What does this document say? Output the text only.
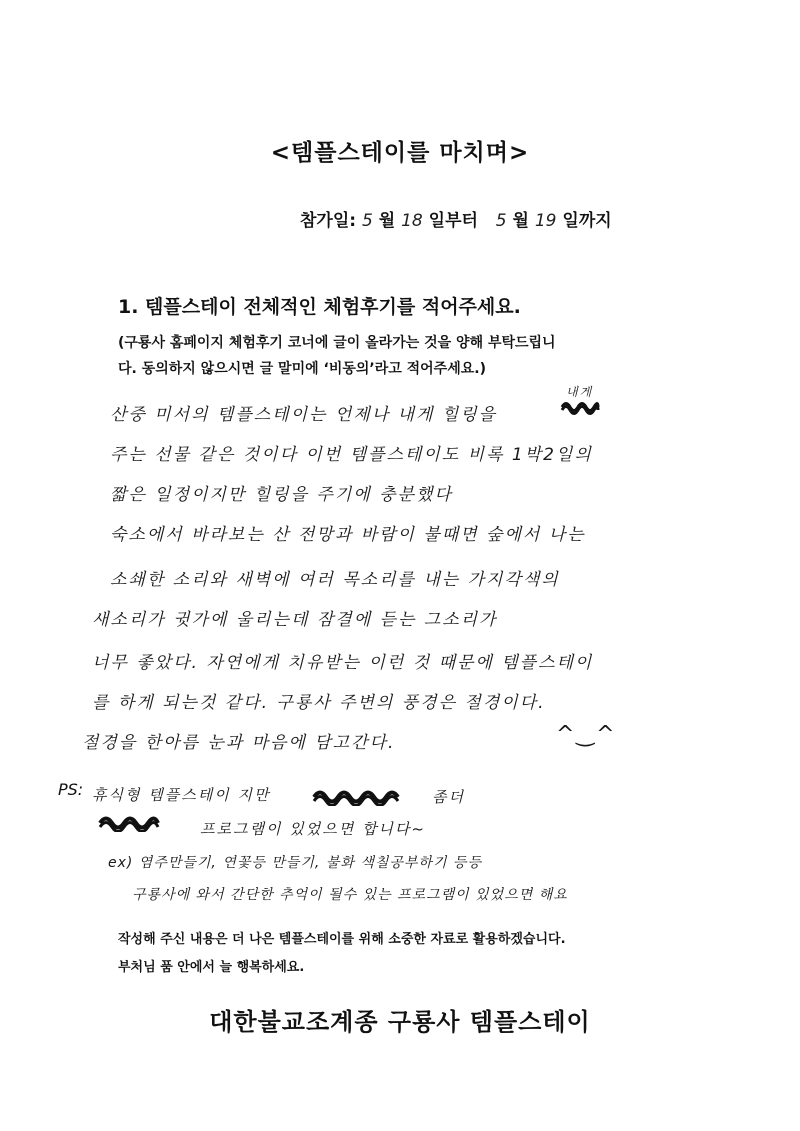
<템플스테이를 마치며>
참가일: 5 월 18 일부터 5 월 19 일까지
1. 템플스테이 전체적인 체험후기를 적어주세요.
(구룡사 홈페이지 체험후기 코너에 글이 올라가는 것을 양해 부탁드립니
다. 동의하지 않으시면 글 말미에 ‘비동의’라고 적어주세요.)
산중 미서의 템플스테이는 언제나 내게 힐링을
내게
주는 선물 같은 것이다 이번 템플스테이도 비록 1박2일의
짧은 일정이지만 힐링을 주기에 충분했다
숙소에서 바라보는 산 전망과 바람이 불때면 숲에서 나는
소쇄한 소리와 새벽에 여러 목소리를 내는 가지각색의
새소리가 귓가에 울리는데 잠결에 듣는 그소리가
너무 좋았다. 자연에게 치유받는 이런 것 때문에 템플스테이
를 하게 되는것 같다. 구룡사 주변의 풍경은 절경이다.
절경을 한아름 눈과 마음에 담고간다.	^‿^
PS: 휴식형 템플스테이 지만	좀더
프로그램이 있었으면 합니다~
ex) 염주만들기, 연꽃등 만들기, 불화 색칠공부하기 등등
구룡사에 와서 간단한 추억이 될수 있는 프로그램이 있었으면 해요
작성해 주신 내용은 더 나은 템플스테이를 위해 소중한 자료로 활용하겠습니다.
부처님 품 안에서 늘 행복하세요.
대한불교조계종 구룡사 템플스테이
